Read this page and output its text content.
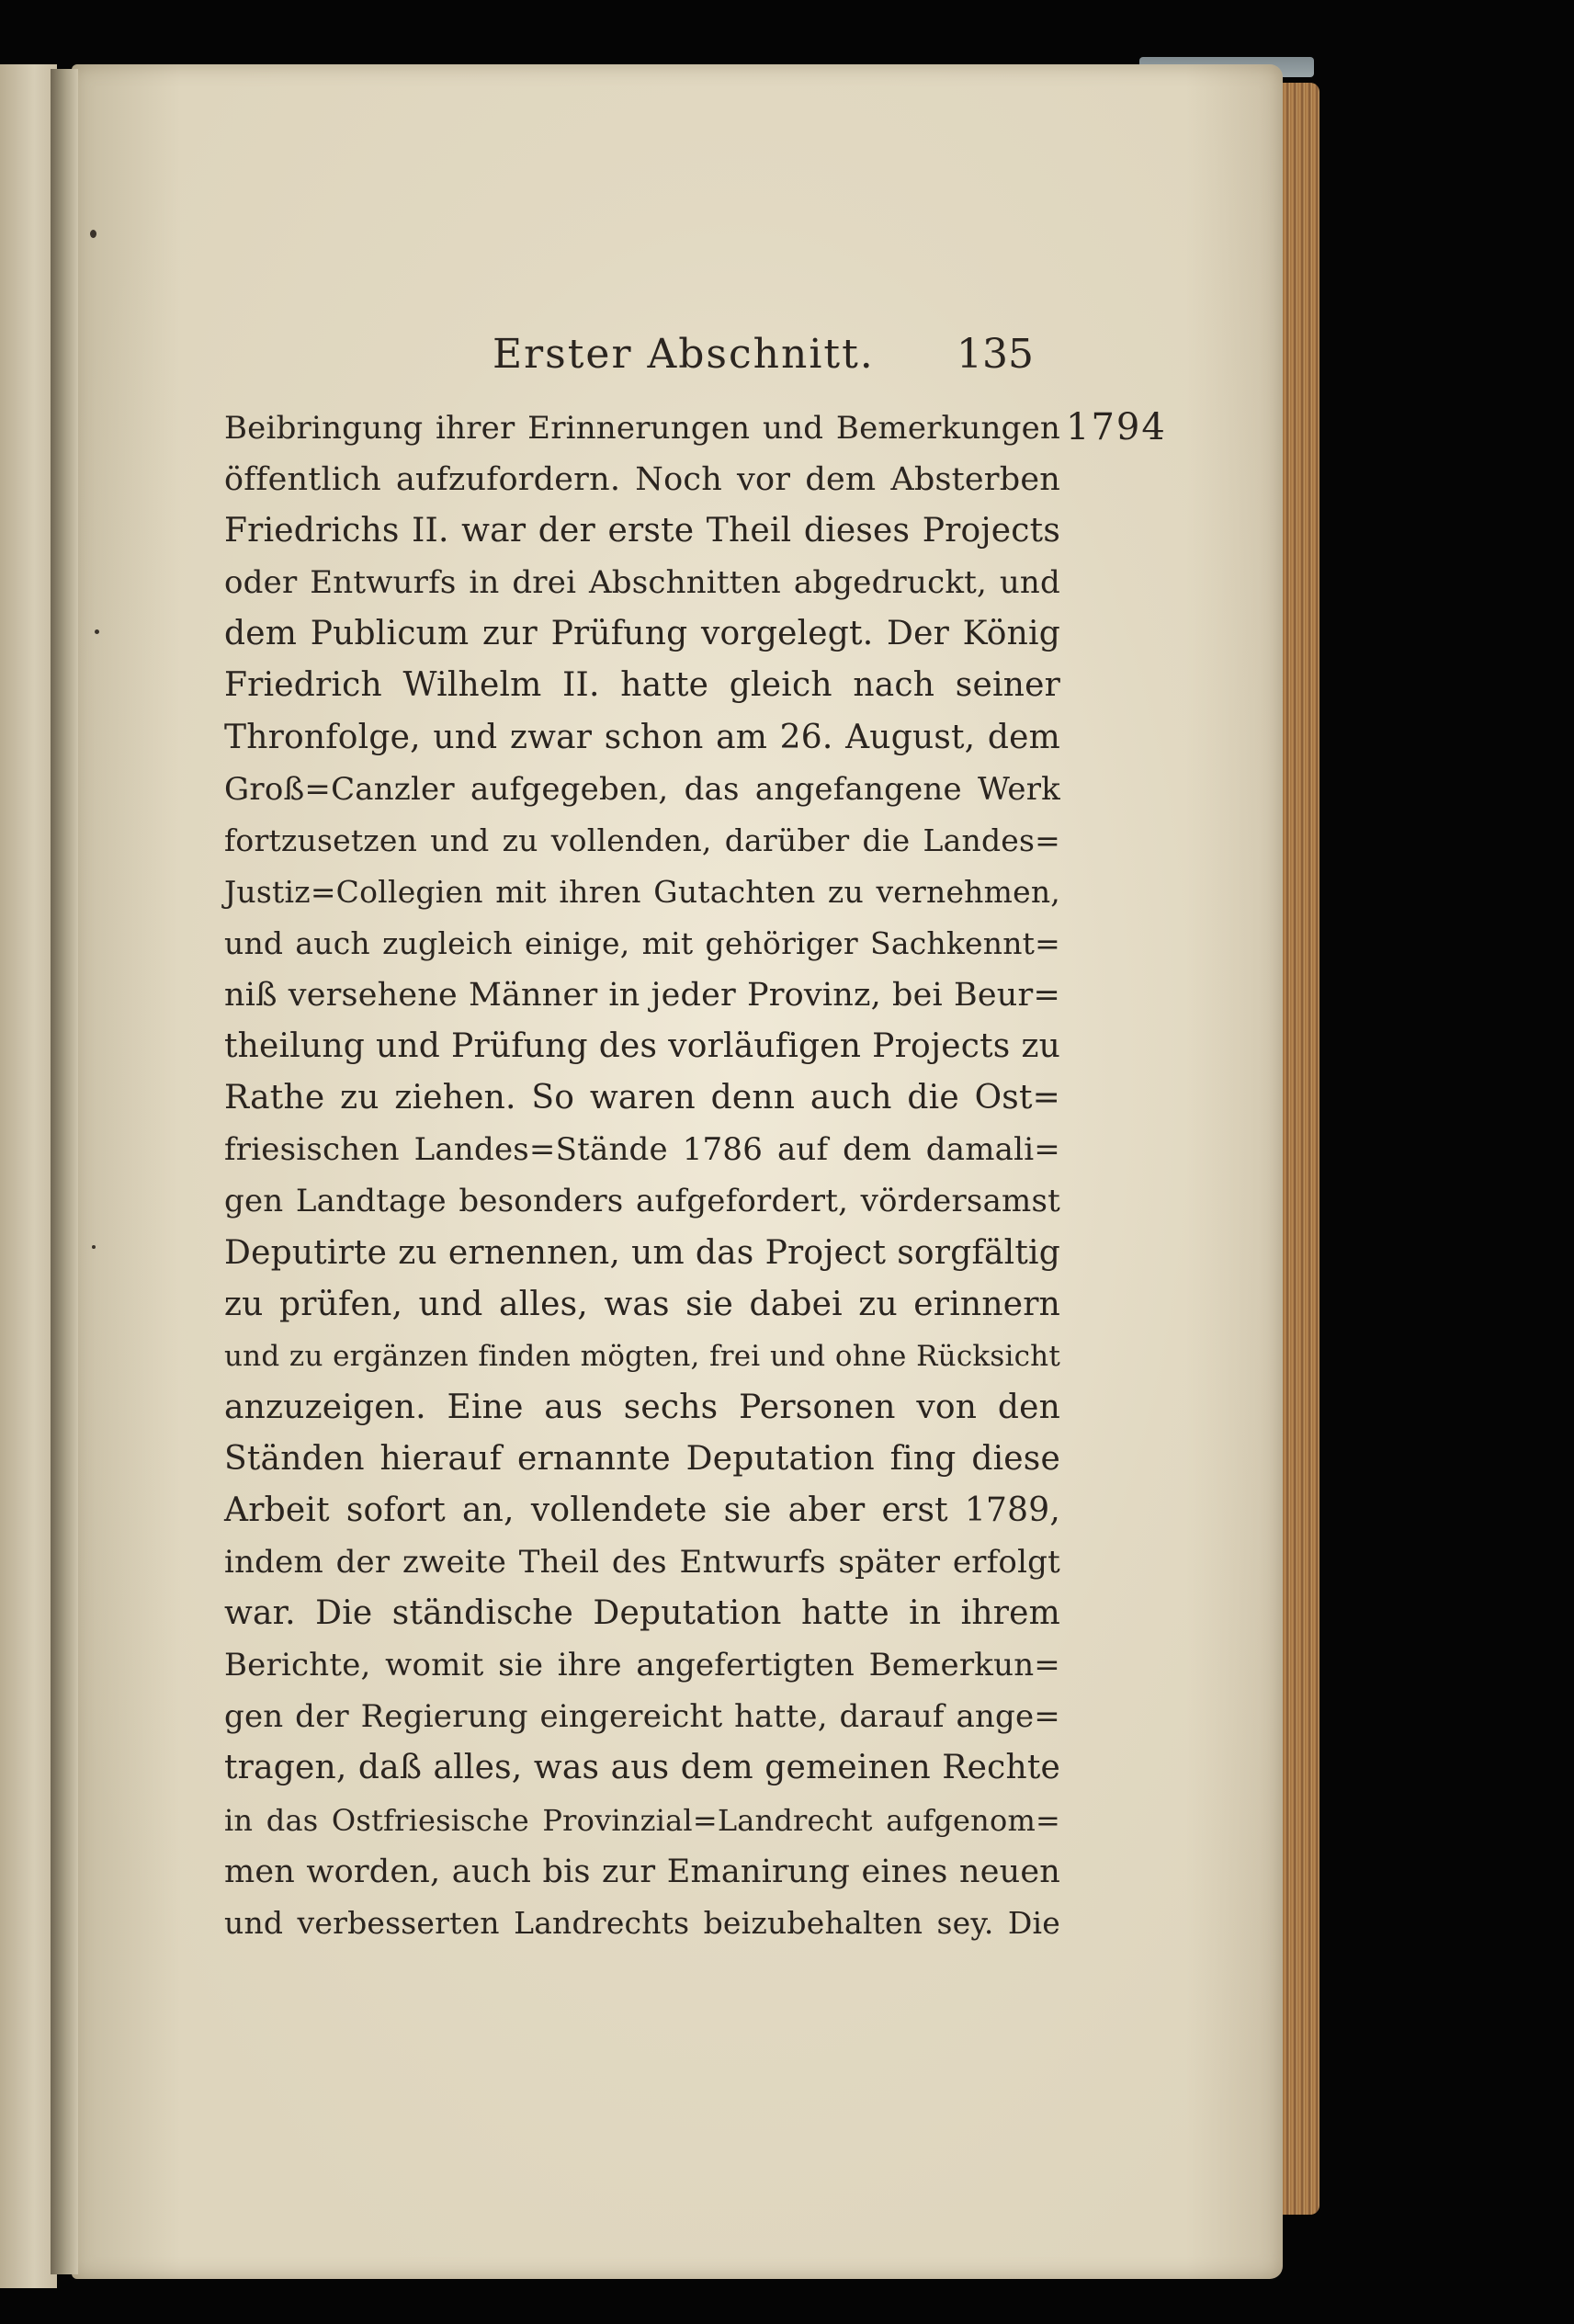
Erster Abschnitt. 135
1794
Beibringung ihrer Erinnerungen und Bemerkungen
öffentlich aufzufordern. Noch vor dem Absterben
Friedrichs II. war der erste Theil dieses Projects
oder Entwurfs in drei Abschnitten abgedruckt, und
dem Publicum zur Prüfung vorgelegt. Der König
Friedrich Wilhelm II. hatte gleich nach seiner
Thronfolge, und zwar schon am 26. August, dem
Groß=Canzler aufgegeben, das angefangene Werk
fortzusetzen und zu vollenden, darüber die Landes=
Justiz=Collegien mit ihren Gutachten zu vernehmen,
und auch zugleich einige, mit gehöriger Sachkennt=
niß versehene Männer in jeder Provinz, bei Beur=
theilung und Prüfung des vorläufigen Projects zu
Rathe zu ziehen. So waren denn auch die Ost=
friesischen Landes=Stände 1786 auf dem damali=
gen Landtage besonders aufgefordert, vördersamst
Deputirte zu ernennen, um das Project sorgfältig
zu prüfen, und alles, was sie dabei zu erinnern
und zu ergänzen finden mögten, frei und ohne Rücksicht
anzuzeigen. Eine aus sechs Personen von den
Ständen hierauf ernannte Deputation fing diese
Arbeit sofort an, vollendete sie aber erst 1789,
indem der zweite Theil des Entwurfs später erfolgt
war. Die ständische Deputation hatte in ihrem
Berichte, womit sie ihre angefertigten Bemerkun=
gen der Regierung eingereicht hatte, darauf ange=
tragen, daß alles, was aus dem gemeinen Rechte
in das Ostfriesische Provinzial=Landrecht aufgenom=
men worden, auch bis zur Emanirung eines neuen
und verbesserten Landrechts beizubehalten sey. Die
